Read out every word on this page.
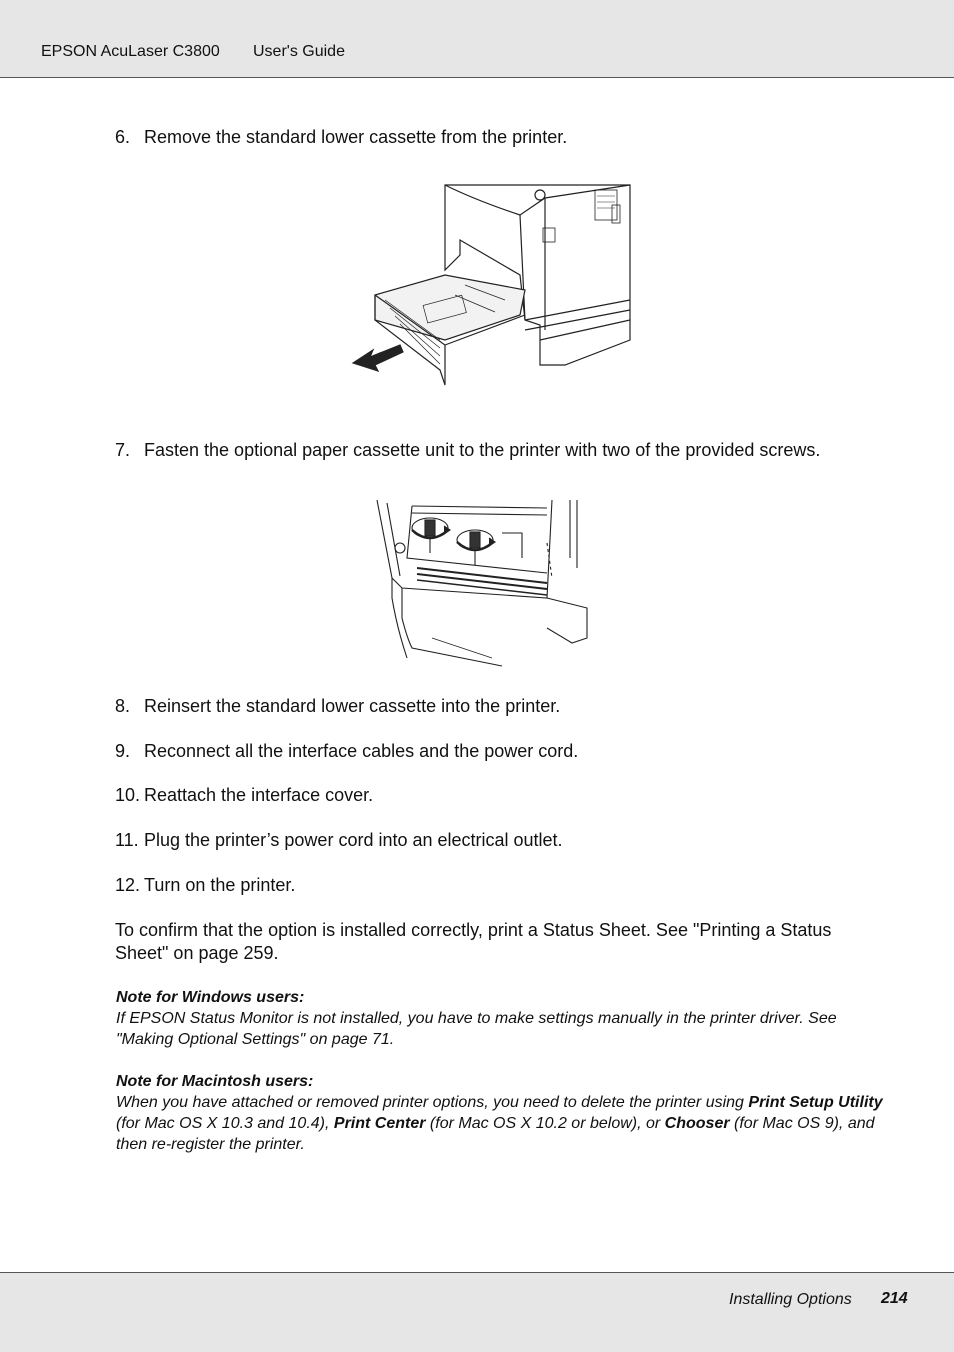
EPSON AcuLaser C3800 User's Guide
6. Remove the standard lower cassette from the printer.
7. Fasten the optional paper cassette unit to the printer with two of the provided screws.
8. Reinsert the standard lower cassette into the printer.
9. Reconnect all the interface cables and the power cord.
10. Reattach the interface cover.
11. Plug the printer’s power cord into an electrical outlet.
12. Turn on the printer.
To confirm that the option is installed correctly, print a Status Sheet. See "Printing a Status Sheet" on page 259.
Note for Windows users:
If EPSON Status Monitor is not installed, you have to make settings manually in the printer driver. See "Making Optional Settings" on page 71.
Note for Macintosh users:
When you have attached or removed printer options, you need to delete the printer using Print Setup Utility (for Mac OS X 10.3 and 10.4), Print Center (for Mac OS X 10.2 or below), or Chooser (for Mac OS 9), and then re-register the printer.
Installing Options 214
